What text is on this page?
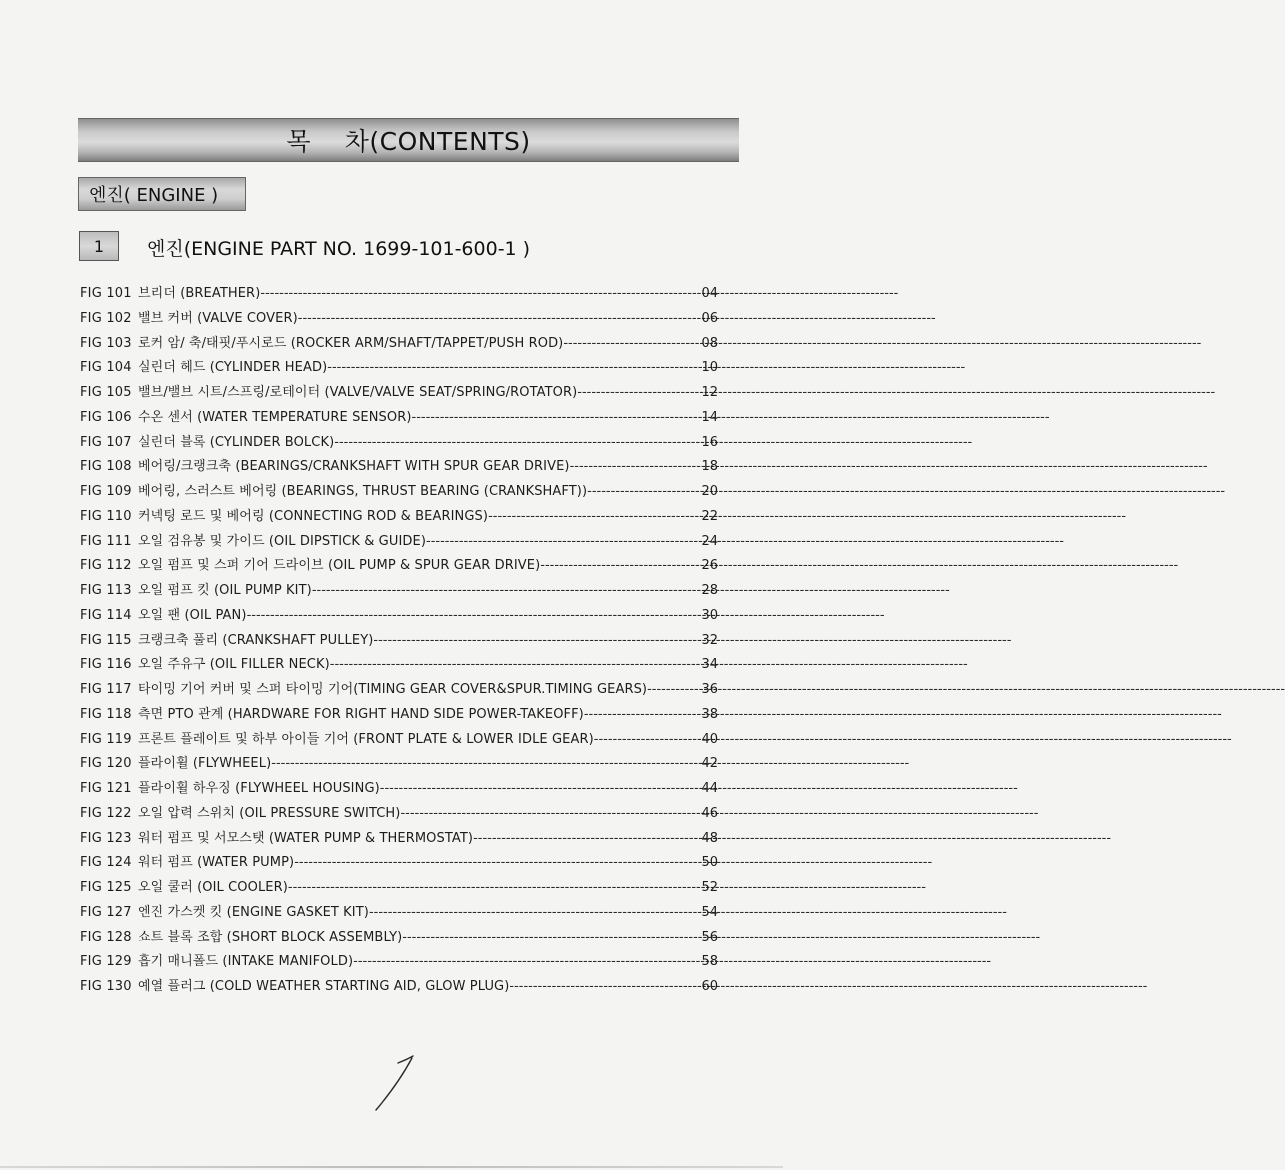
목    차(CONTENTS)
엔진( ENGINE )
1	엔진(ENGINE PART NO. 1699-101-600-1 )
FIG 101 브리더 (BREATHER) -----	04
FIG 102 밸브 커버 (VALVE COVER) -----	06
FIG 103 로커 암/ 축/태핏/푸시로드 (ROCKER ARM/SHAFT/TAPPET/PUSH ROD) -----	08
FIG 104 실린더 헤드 (CYLINDER HEAD) -----	10
FIG 105 밸브/밸브 시트/스프링/로테이터 (VALVE/VALVE SEAT/SPRING/ROTATOR) -----	12
FIG 106 수온 센서 (WATER TEMPERATURE SENSOR) -----	14
FIG 107 실린더 블록 (CYLINDER BOLCK) -----	16
FIG 108 베어링/크랭크축 (BEARINGS/CRANKSHAFT WITH SPUR GEAR DRIVE) -----	18
FIG 109 베어링, 스러스트 베어링 (BEARINGS, THRUST BEARING (CRANKSHAFT)) -----	20
FIG 110 커넥팅 로드 및 베어링 (CONNECTING ROD & BEARINGS) -----	22
FIG 111 오일 검유봉 및 가이드 (OIL DIPSTICK & GUIDE) -----	24
FIG 112 오일 펌프 및 스퍼 기어 드라이브 (OIL PUMP & SPUR GEAR DRIVE) -----	26
FIG 113 오일 펌프 킷 (OIL PUMP KIT) -----	28
FIG 114 오일 팬 (OIL PAN) -----	30
FIG 115 크랭크축 풀리 (CRANKSHAFT PULLEY) -----	32
FIG 116 오일 주유구 (OIL FILLER NECK) -----	34
FIG 117 타이밍 기어 커버 및 스퍼 타이밍 기어(TIMING GEAR COVER&SPUR.TIMING GEARS) -----	36
FIG 118 측면 PTO 관계 (HARDWARE FOR RIGHT HAND SIDE POWER-TAKEOFF) -----	38
FIG 119 프론트 플레이트 및 하부 아이들 기어 (FRONT PLATE & LOWER IDLE GEAR) -----	40
FIG 120 플라이휠 (FLYWHEEL) -----	42
FIG 121 플라이휠 하우징 (FLYWHEEL HOUSING) -----	44
FIG 122 오일 압력 스위치 (OIL PRESSURE SWITCH) -----	46
FIG 123 워터 펌프 및 서모스탯 (WATER PUMP & THERMOSTAT) -----	48
FIG 124 워터 펌프 (WATER PUMP) -----	50
FIG 125 오일 쿨러 (OIL COOLER) -----	52
FIG 127 엔진 가스켓 킷 (ENGINE GASKET KIT) -----	54
FIG 128 쇼트 블록 조합 (SHORT BLOCK ASSEMBLY) -----	56
FIG 129 흡기 매니폴드 (INTAKE MANIFOLD) -----	58
FIG 130 예열 플러그 (COLD WEATHER STARTING AID, GLOW PLUG) -----	60
